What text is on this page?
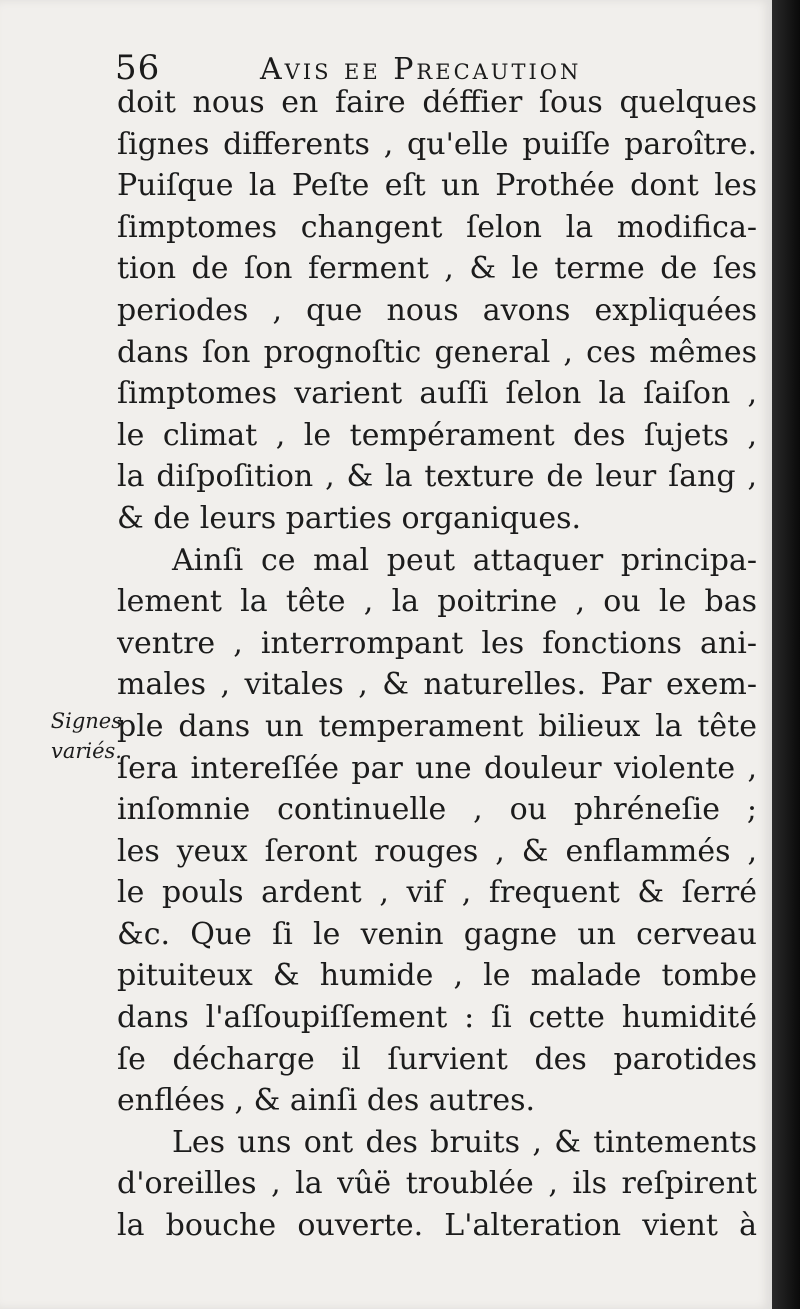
56	Avis ee Precaution
Signes
variés.
doit nous en faire déffier ſous quelques
ſignes differents , qu'elle puiſſe paroître.
Puiſque la Peſte eſt un Prothée dont les
ſimptomes changent ſelon la modifica-
tion de ſon ferment , & le terme de ſes
periodes , que nous avons expliquées
dans ſon prognoſtic general , ces mêmes
ſimptomes varient auſſi ſelon la ſaiſon ,
le climat , le tempérament des ſujets ,
la diſpoſition , & la texture de leur ſang ,
& de leurs parties organiques.
Ainſi ce mal peut attaquer principa-
lement la tête , la poitrine , ou le bas
ventre , interrompant les fonctions ani-
males , vitales , & naturelles. Par exem-
ple dans un temperament bilieux la tête
ſera intereſſée par une douleur violente ,
inſomnie continuelle , ou phréneſie ;
les yeux ſeront rouges , & enflammés ,
le pouls ardent , vif , frequent & ſerré
&c. Que ſi le venin gagne un cerveau
pituiteux & humide , le malade tombe
dans l'aſſoupiſſement : ſi cette humidité
ſe décharge il ſurvient des parotides
enflées , & ainſi des autres.
Les uns ont des bruits , & tintements
d'oreilles , la vûë troublée , ils reſpirent
la bouche ouverte. L'alteration vient à
